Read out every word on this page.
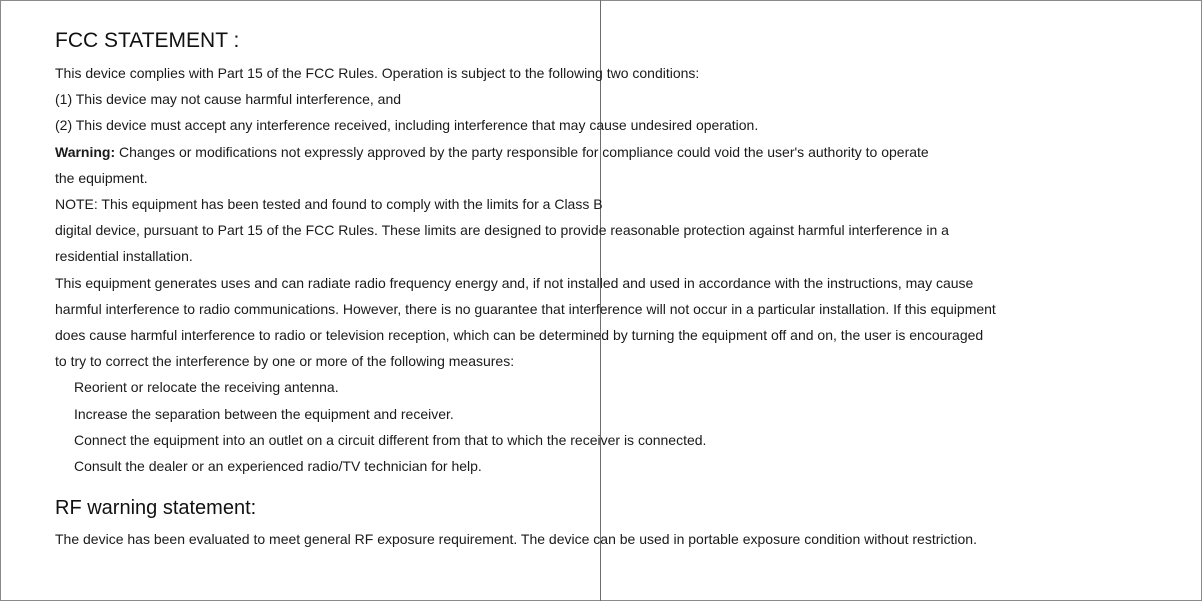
FCC STATEMENT :
This device complies with Part 15 of the FCC Rules. Operation is subject to the following two conditions:
(1) This device may not cause harmful interference, and
(2) This device must accept any interference received, including interference that may cause undesired operation.
Warning: Changes or modifications not expressly approved by the party responsible for compliance could void the user's authority to operate
the equipment.
NOTE: This equipment has been tested and found to comply with the limits for a Class B
digital device, pursuant to Part 15 of the FCC Rules. These limits are designed to provide reasonable protection against harmful interference in a
residential installation.
This equipment generates uses and can radiate radio frequency energy and, if not installed and used in accordance with the instructions, may cause
harmful interference to radio communications. However, there is no guarantee that interference will not occur in a particular installation. If this equipment
does cause harmful interference to radio or television reception, which can be determined by turning the equipment off and on, the user is encouraged
to try to correct the interference by one or more of the following measures:
Reorient or relocate the receiving antenna.
Increase the separation between the equipment and receiver.
Connect the equipment into an outlet on a circuit different from that to which the receiver is connected.
Consult the dealer or an experienced radio/TV technician for help.
RF warning statement:
The device has been evaluated to meet general RF exposure requirement. The device can be used in portable exposure condition without restriction.
